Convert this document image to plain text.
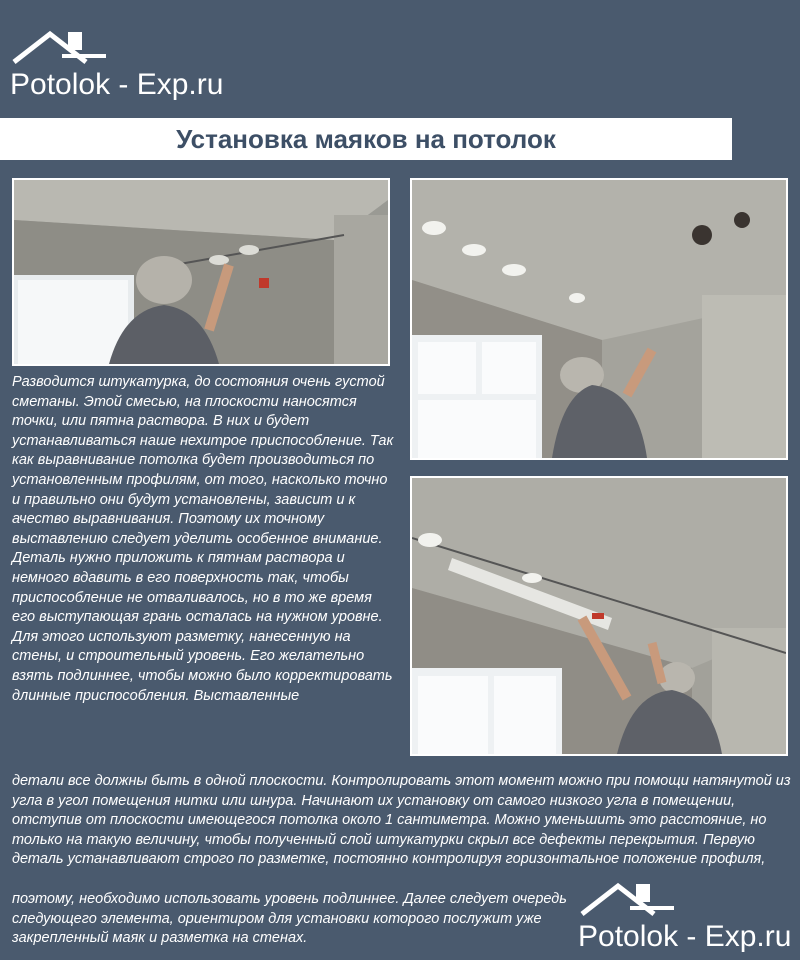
Potolok - Exp.ru
Установка маяков на потолок

Разводится штукатурка, до состояния очень густой сметаны. Этой смесью, на плоскости наносятся точки, или пятна раствора. В них и будет устанавливаться наше нехитрое приспособление. Так как выравнивание потолка будет производиться по установленным профилям, от того, насколько точно и правильно они будут установлены, зависит и к ачество выравнивания. Поэтому их точному выставлению следует уделить особенное внимание. Деталь нужно приложить к пятнам раствора и немного вдавить в его поверхность так, чтобы приспособление не отваливалось, но в то же время его выступающая грань осталась на нужном уровне. Для этого используют разметку, нанесенную на стены, и строительный уровень. Его желательно взять подлиннее, чтобы можно было корректировать длинные приспособления. Выставленные

детали все должны быть в одной плоскости. Контролировать этот момент можно при помощи натянутой из угла в угол помещения нитки или шнура. Начинают их установку от самого низкого угла в помещении, отступив от плоскости имеющегося потолка около 1 сантиметра. Можно уменьшить это расстояние, но только на такую величину, чтобы полученный слой штукатурки скрыл все дефекты перекрытия. Первую деталь устанавливают строго по разметке, постоянно контролируя горизонтальное положение профиля,

поэтому, необходимо использовать уровень подлиннее. Далее следует очередь следующего элемента, ориентиром для установки которого послужит уже закрепленный маяк и разметка на стенах.	Potolok - Exp.ru
